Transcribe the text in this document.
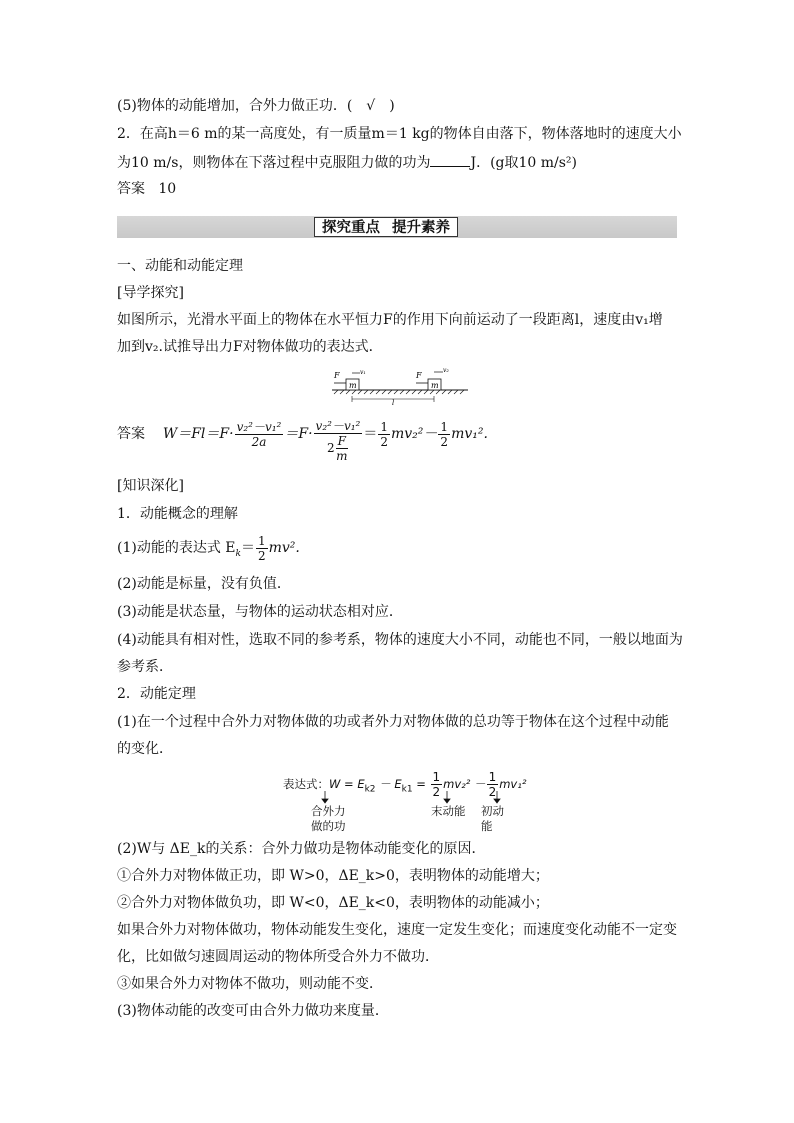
(5)物体的动能增加，合外力做正功．(　√　)
2．在高h＝6 m的某一高度处，有一质量m＝1 kg的物体自由落下，物体落地时的速度大小
为10 m/s，则物体在下落过程中克服阻力做的功为	J．(g取10 m/s²)
答案 10
探究重点 提升素养
一、动能和动能定理
[导学探究]
如图所示，光滑水平面上的物体在水平恒力F的作用下向前运动了一段距离l，速度由v₁增
加到v₂.试推导出力F对物体做功的表达式．
m
F	v₁
m
F
v₂
l
答案 $W=Fl=F\cdot \frac{\text{v₂²－v₁²}}{2a} =F\cdot \frac{\text{v₂²－v₁²}}{2 \frac{F}{m}} = \frac{1}{2} mv_2^2- \frac{1}{2} mv_1^2$.
[知识深化]
1．动能概念的理解
(1)动能的表达式 $E_k= \frac{1}{2} mv^2$.
(2)动能是标量，没有负值．
(3)动能是状态量，与物体的运动状态相对应．
(4)动能具有相对性，选取不同的参考系，物体的速度大小不同，动能也不同，一般以地面为
参考系．
2．动能定理
(1)在一个过程中合外力对物体做的功或者外力对物体做的总功等于物体在这个过程中动能
的变化．
表达式：$W = E_{k2} - E_{k1} = \frac{1}{2} mv_2^2 - \frac{1}{2} mv_1^2$
合外力
做的功
末动能 初动能
(2)W与 ΔE_k的关系：合外力做功是物体动能变化的原因．
①合外力对物体做正功，即 W>0，ΔE_k>0，表明物体的动能增大；
②合外力对物体做负功，即 W<0，ΔE_k<0，表明物体的动能减小；
如果合外力对物体做功，物体动能发生变化，速度一定发生变化；而速度变化动能不一定变
化，比如做匀速圆周运动的物体所受合外力不做功．
③如果合外力对物体不做功，则动能不变．
(3)物体动能的改变可由合外力做功来度量．
